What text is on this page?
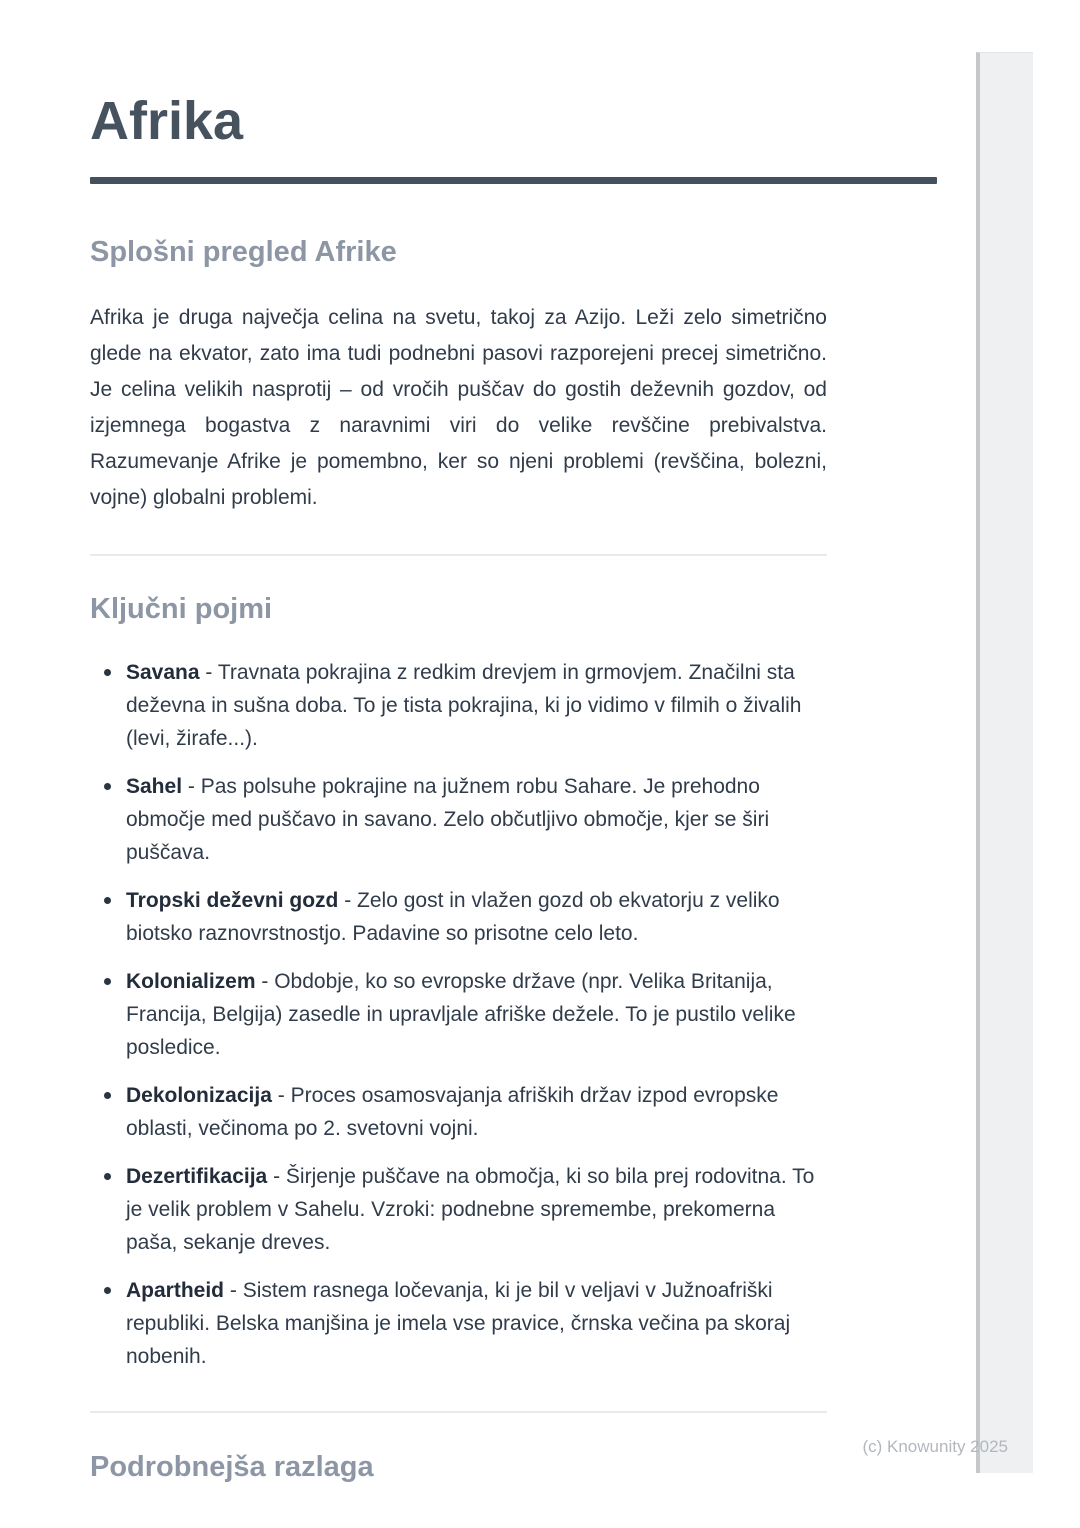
Afrika
Splošni pregled Afrike

Afrika je druga največja celina na svetu, takoj za Azijo. Leži zelo simetrično glede na ekvator, zato ima tudi podnebni pasovi razporejeni precej simetrično. Je celina velikih nasprotij – od vročih puščav do gostih deževnih gozdov, od izjemnega bogastva z naravnimi viri do velike revščine prebivalstva. Razumevanje Afrike je pomembno, ker so njeni problemi (revščina, bolezni, vojne) globalni problemi.

Ključni pojmi
Savana - Travnata pokrajina z redkim drevjem in grmovjem. Značilni sta deževna in sušna doba. To je tista pokrajina, ki jo vidimo v filmih o živalih (levi, žirafe...).
Sahel - Pas polsuhe pokrajine na južnem robu Sahare. Je prehodno območje med puščavo in savano. Zelo občutljivo območje, kjer se širi puščava.
Tropski deževni gozd - Zelo gost in vlažen gozd ob ekvatorju z veliko biotsko raznovrstnostjo. Padavine so prisotne celo leto.
Kolonializem - Obdobje, ko so evropske države (npr. Velika Britanija, Francija, Belgija) zasedle in upravljale afriške dežele. To je pustilo velike posledice.
Dekolonizacija - Proces osamosvajanja afriških držav izpod evropske oblasti, večinoma po 2. svetovni vojni.
Dezertifikacija - Širjenje puščave na območja, ki so bila prej rodovitna. To je velik problem v Sahelu. Vzroki: podnebne spremembe, prekomerna paša, sekanje dreves.
Apartheid - Sistem rasnega ločevanja, ki je bil v veljavi v Južnoafriški republiki. Belska manjšina je imela vse pravice, črnska večina pa skoraj nobenih.
Podrobnejša razlaga
(c) Knowunity 2025
